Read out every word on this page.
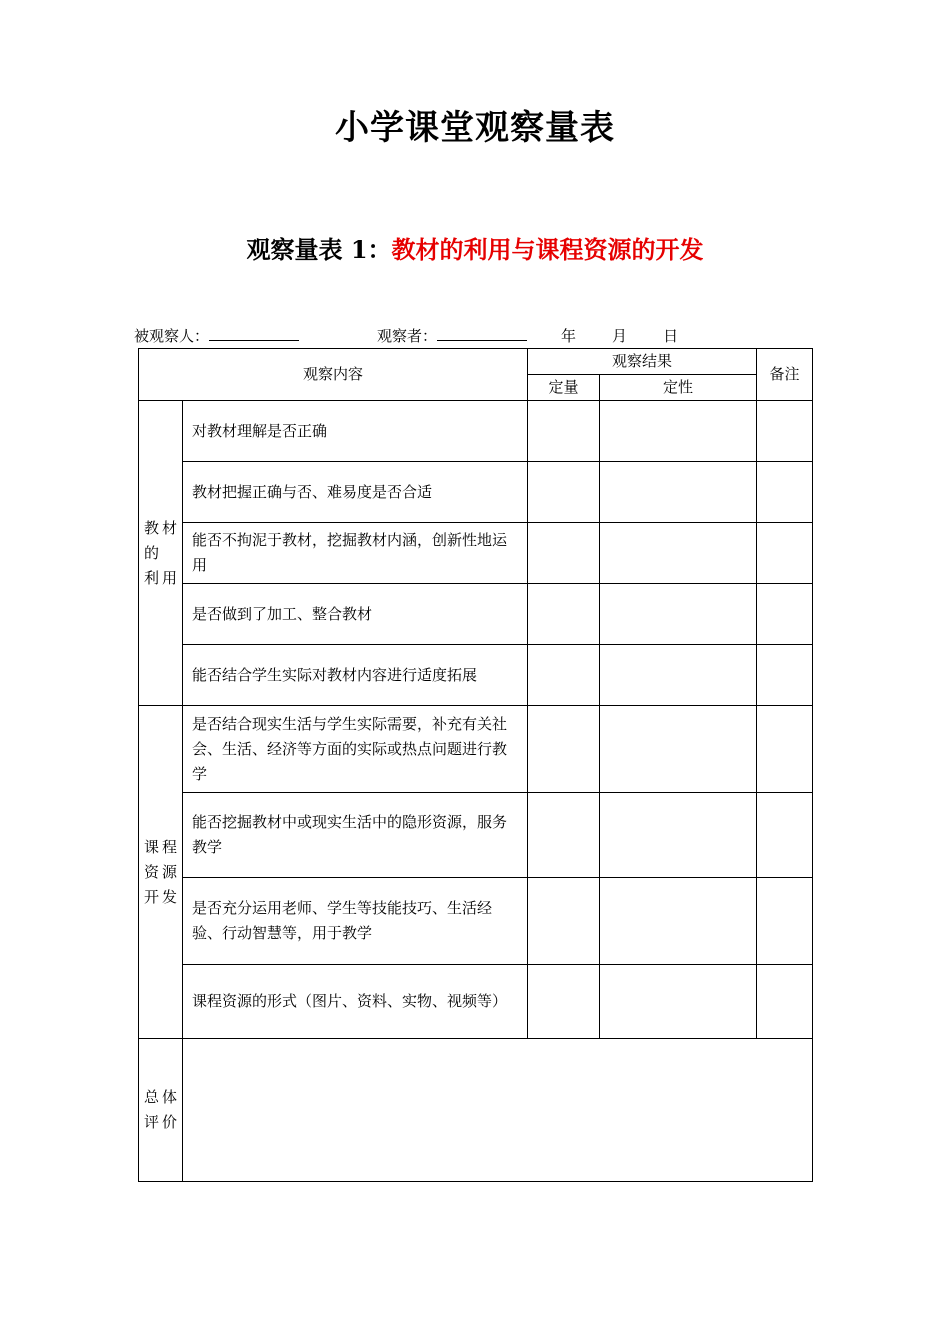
小学课堂观察量表
观察量表 1：教材的利用与课程资源的开发
被观察人：	观察者：	年 月 日
观察内容		观察结果		备注
		定量	定性	

教材
的
利用	对教材理解是否正确			
	教材把握正确与否、难易度是否合适			
	能否不拘泥于教材，挖掘教材内涵，创新性地运用			
	是否做到了加工、整合教材			
	能否结合学生实际对教材内容进行适度拓展			

课程
资源
开发	是否结合现实生活与学生实际需要，补充有关社会、生活、经济等方面的实际或热点问题进行教学			
	能否挖掘教材中或现实生活中的隐形资源，服务教学			
	是否充分运用老师、学生等技能技巧、生活经验、行动智慧等，用于教学			
	课程资源的形式（图片、资料、实物、视频等）			

总体
评价				
